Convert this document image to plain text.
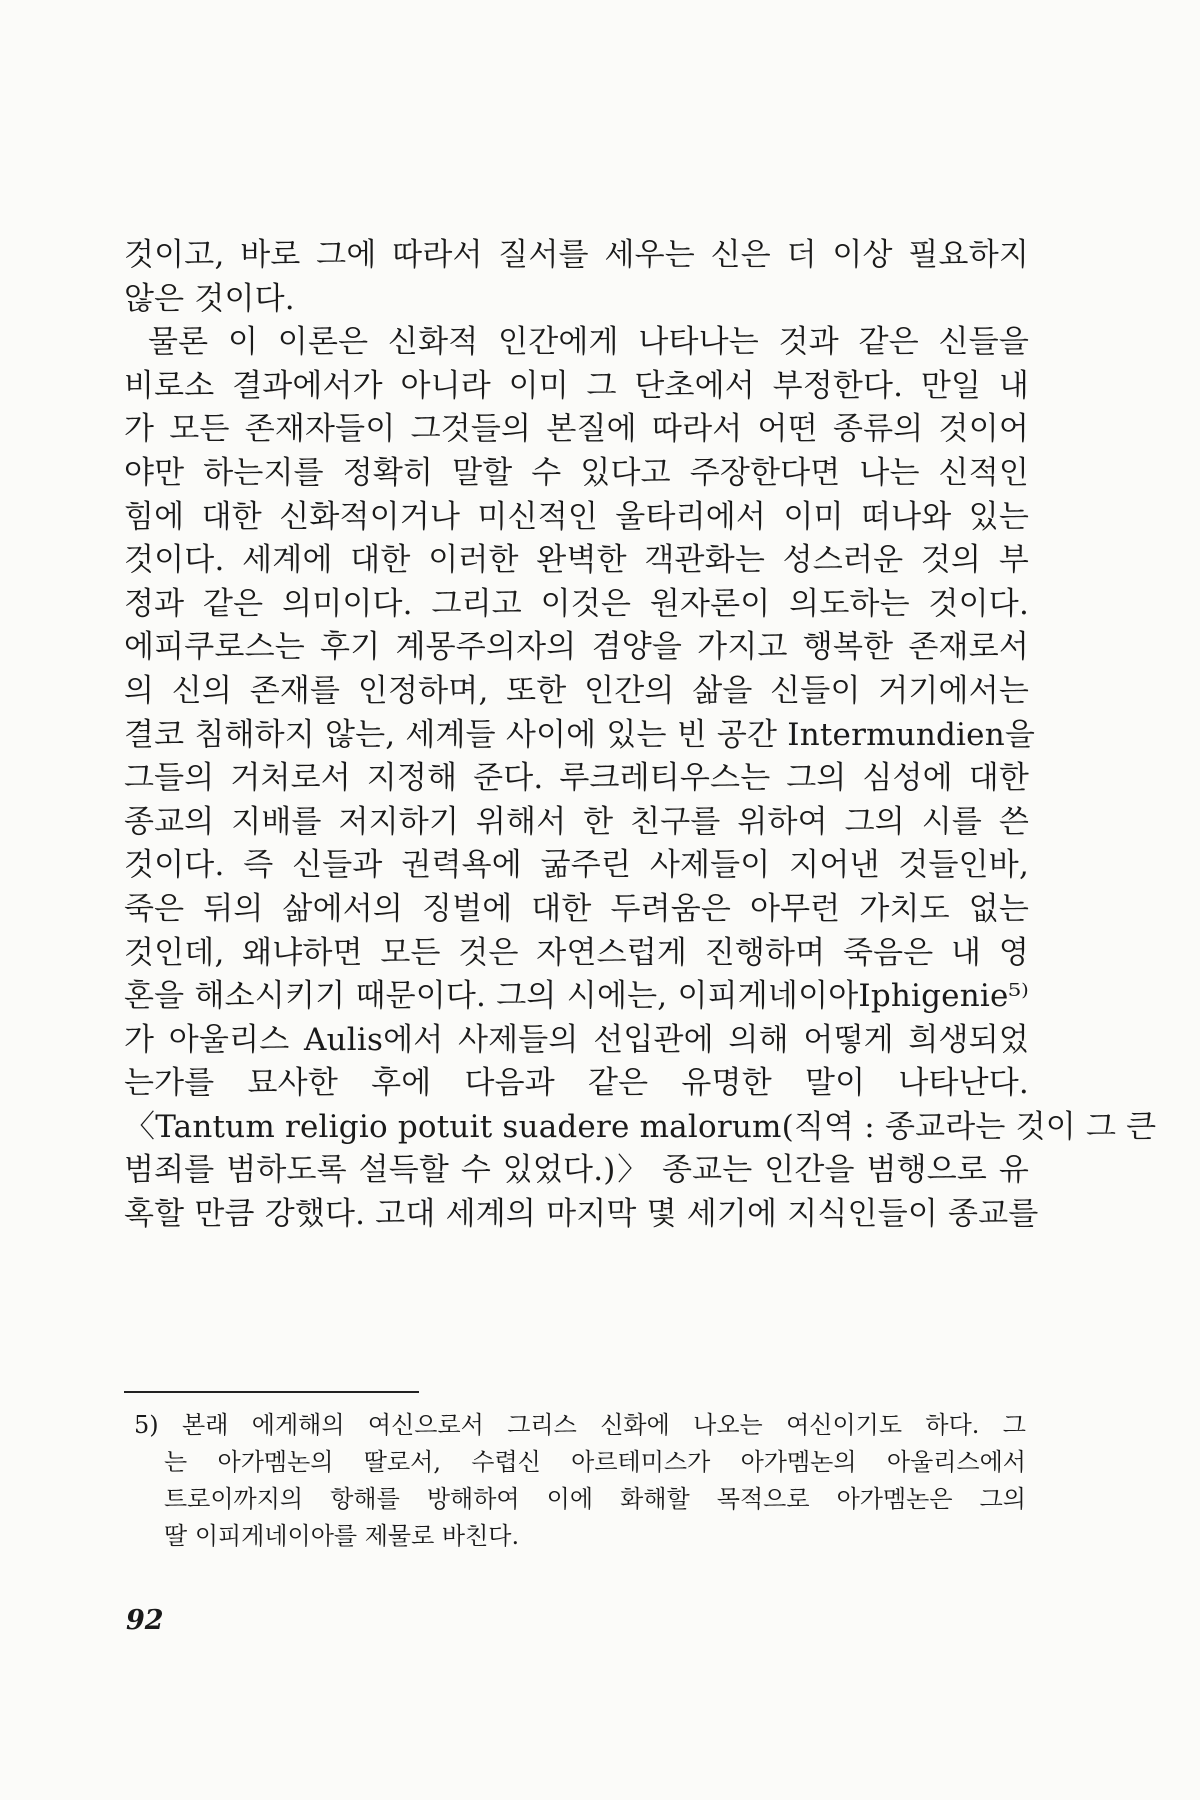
것이고, 바로 그에 따라서 질서를 세우는 신은 더 이상 필요하지
않은 것이다.
물론 이 이론은 신화적 인간에게 나타나는 것과 같은 신들을
비로소 결과에서가 아니라 이미 그 단초에서 부정한다. 만일 내
가 모든 존재자들이 그것들의 본질에 따라서 어떤 종류의 것이어
야만 하는지를 정확히 말할 수 있다고 주장한다면 나는 신적인
힘에 대한 신화적이거나 미신적인 울타리에서 이미 떠나와 있는
것이다. 세계에 대한 이러한 완벽한 객관화는 성스러운 것의 부
정과 같은 의미이다. 그리고 이것은 원자론이 의도하는 것이다.
에피쿠로스는 후기 계몽주의자의 겸양을 가지고 행복한 존재로서
의 신의 존재를 인정하며, 또한 인간의 삶을 신들이 거기에서는
결코 침해하지 않는, 세계들 사이에 있는 빈 공간 Intermundien을
그들의 거처로서 지정해 준다. 루크레티우스는 그의 심성에 대한
종교의 지배를 저지하기 위해서 한 친구를 위하여 그의 시를 쓴
것이다. 즉 신들과 권력욕에 굶주린 사제들이 지어낸 것들인바,
죽은 뒤의 삶에서의 징벌에 대한 두려움은 아무런 가치도 없는
것인데, 왜냐하면 모든 것은 자연스럽게 진행하며 죽음은 내 영
혼을 해소시키기 때문이다. 그의 시에는, 이피게네이아Iphigenie⁵⁾
가 아울리스 Aulis에서 사제들의 선입관에 의해 어떻게 희생되었
는가를 묘사한 후에 다음과 같은 유명한 말이 나타난다.
〈Tantum religio potuit suadere malorum(직역 : 종교라는 것이 그 큰
범죄를 범하도록 설득할 수 있었다.)〉 종교는 인간을 범행으로 유
혹할 만큼 강했다. 고대 세계의 마지막 몇 세기에 지식인들이 종교를
5) 본래 에게해의 여신으로서 그리스 신화에 나오는 여신이기도 하다. 그
는 아가멤논의 딸로서, 수렵신 아르테미스가 아가멤논의 아울리스에서
트로이까지의 항해를 방해하여 이에 화해할 목적으로 아가멤논은 그의
딸 이피게네이아를 제물로 바친다.
92
